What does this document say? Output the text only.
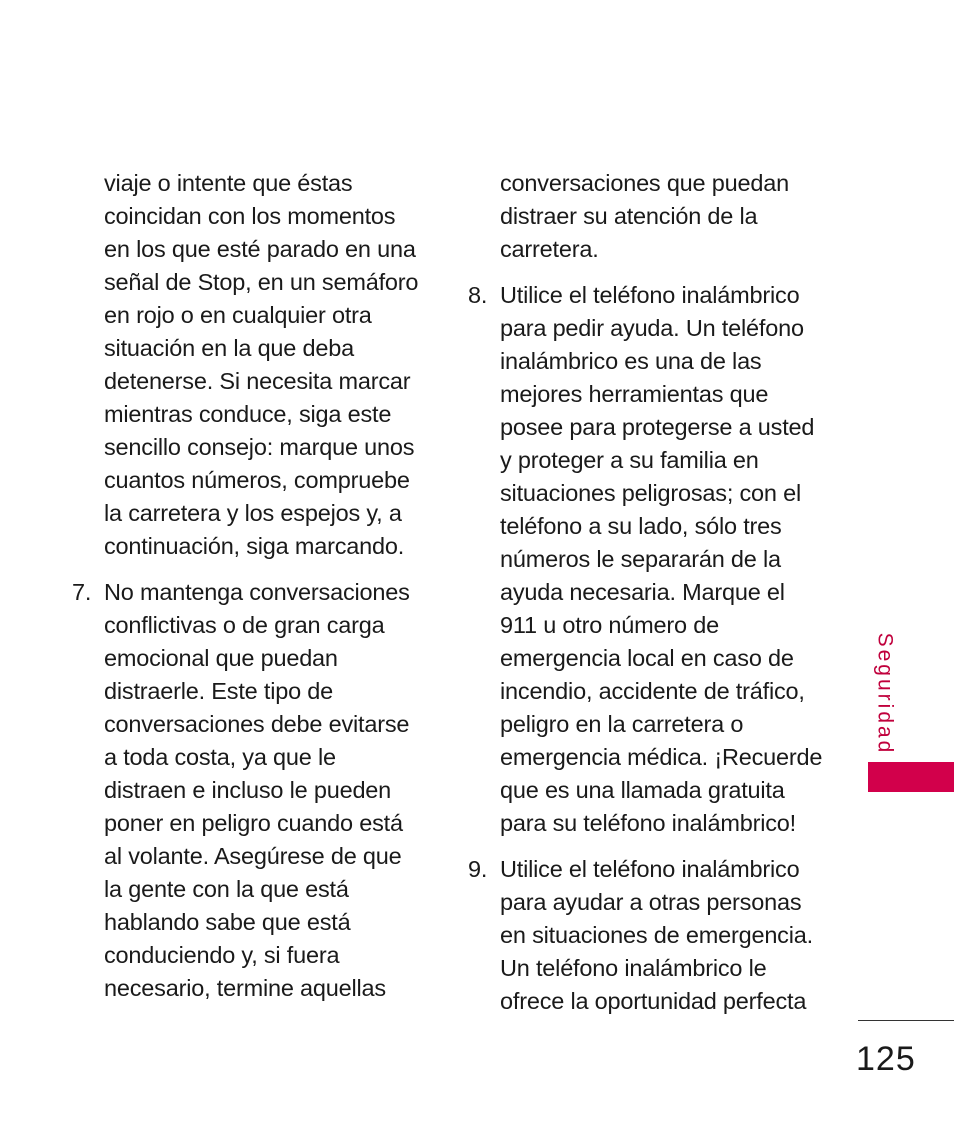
viaje o intente que éstas
coincidan con los momentos
en los que esté parado en una
señal de Stop, en un semáforo
en rojo o en cualquier otra
situación en la que deba
detenerse. Si necesita marcar
mientras conduce, siga este
sencillo consejo: marque unos
cuantos números, compruebe
la carretera y los espejos y, a
continuación, siga marcando.
7. No mantenga conversaciones
conflictivas o de gran carga
emocional que puedan
distraerle. Este tipo de
conversaciones debe evitarse
a toda costa, ya que le
distraen e incluso le pueden
poner en peligro cuando está
al volante. Asegúrese de que
la gente con la que está
hablando sabe que está
conduciendo y, si fuera
necesario, termine aquellas
conversaciones que puedan
distraer su atención de la
carretera.
8. Utilice el teléfono inalámbrico
para pedir ayuda. Un teléfono
inalámbrico es una de las
mejores herramientas que
posee para protegerse a usted
y proteger a su familia en
situaciones peligrosas; con el
teléfono a su lado, sólo tres
números le separarán de la
ayuda necesaria. Marque el
911 u otro número de
emergencia local en caso de
incendio, accidente de tráfico,
peligro en la carretera o
emergencia médica. ¡Recuerde
que es una llamada gratuita
para su teléfono inalámbrico!
9. Utilice el teléfono inalámbrico
para ayudar a otras personas
en situaciones de emergencia.
Un teléfono inalámbrico le
ofrece la oportunidad perfecta
Seguridad
125
